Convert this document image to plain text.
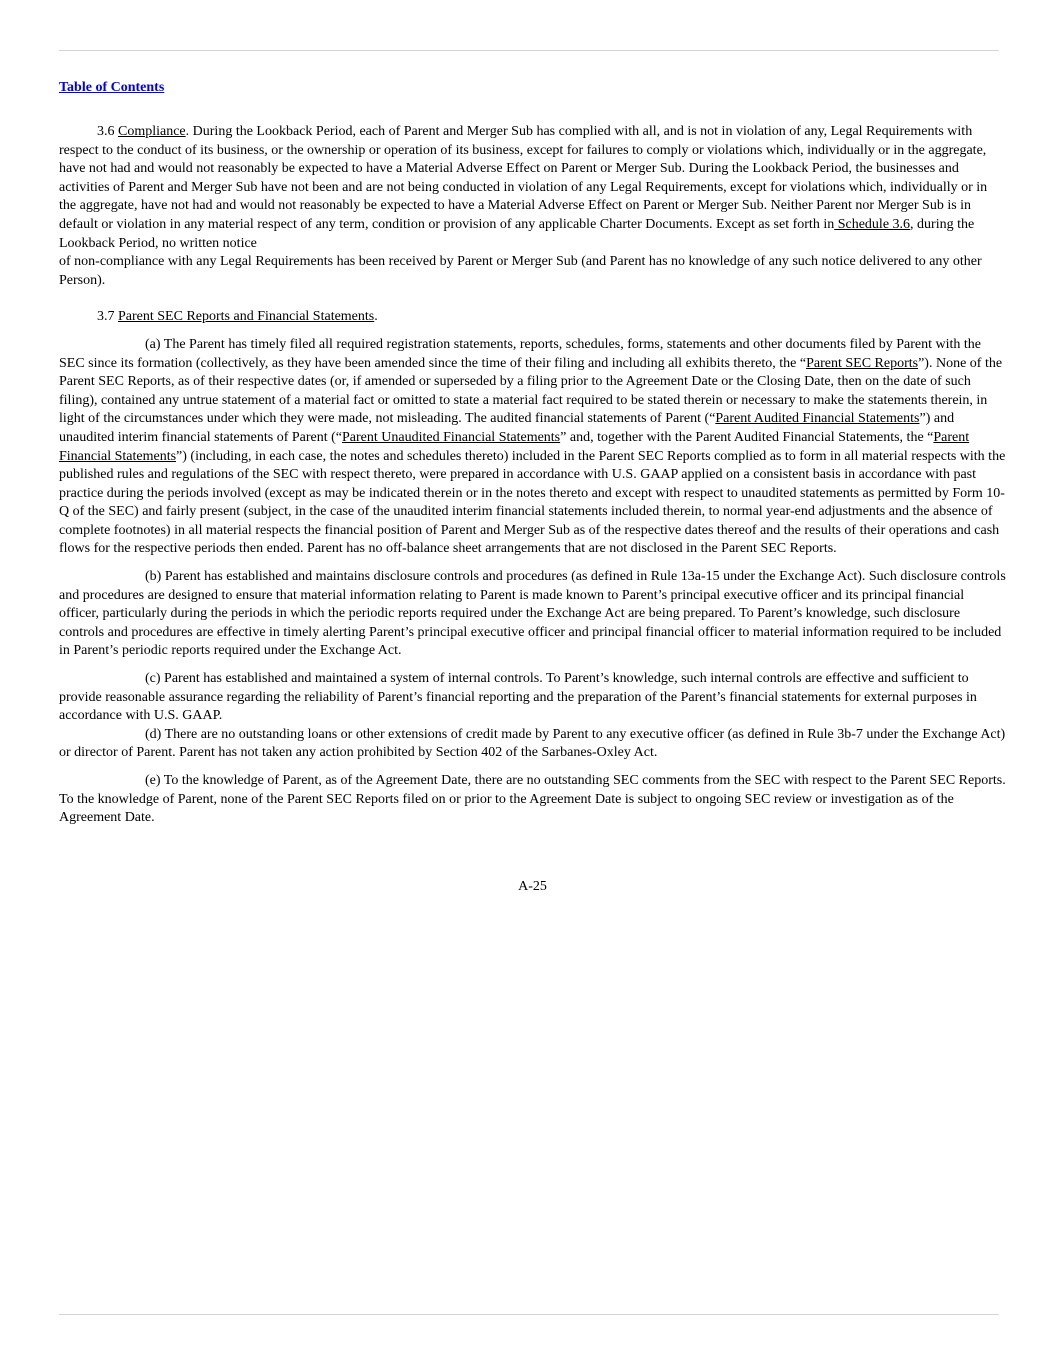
Table of Contents

3.6 Compliance. During the Lookback Period, each of Parent and Merger Sub has complied with all, and is not in violation of any, Legal Requirements with respect to the conduct of its business, or the ownership or operation of its business, except for failures to comply or violations which, individually or in the aggregate, have not had and would not reasonably be expected to have a Material Adverse Effect on Parent or Merger Sub. During the Lookback Period, the businesses and activities of Parent and Merger Sub have not been and are not being conducted in violation of any Legal Requirements, except for violations which, individually or in the aggregate, have not had and would not reasonably be expected to have a Material Adverse Effect on Parent or Merger Sub. Neither Parent nor Merger Sub is in default or violation in any material respect of any term, condition or provision of any applicable Charter Documents. Except as set forth in Schedule 3.6, during the Lookback Period, no written notice
of non-compliance with any Legal Requirements has been received by Parent or Merger Sub (and Parent has no knowledge of any such notice delivered to any other Person).

3.7 Parent SEC Reports and Financial Statements.

(a) The Parent has timely filed all required registration statements, reports, schedules, forms, statements and other documents filed by Parent with the SEC since its formation (collectively, as they have been amended since the time of their filing and including all exhibits thereto, the “Parent SEC Reports”). None of the Parent SEC Reports, as of their respective dates (or, if amended or superseded by a filing prior to the Agreement Date or the Closing Date, then on the date of such filing), contained any untrue statement of a material fact or omitted to state a material fact required to be stated therein or necessary to make the statements therein, in light of the circumstances under which they were made, not misleading. The audited financial statements of Parent (“Parent Audited Financial Statements”) and unaudited interim financial statements of Parent (“Parent Unaudited Financial Statements” and, together with the Parent Audited Financial Statements, the “Parent Financial Statements”) (including, in each case, the notes and schedules thereto) included in the Parent SEC Reports complied as to form in all material respects with the published rules and regulations of the SEC with respect thereto, were prepared in accordance with U.S. GAAP applied on a consistent basis in accordance with past practice during the periods involved (except as may be indicated therein or in the notes thereto and except with respect to unaudited statements as permitted by Form 10-Q of the SEC) and fairly present (subject, in the case of the unaudited interim financial statements included therein, to normal year-end adjustments and the absence of complete footnotes) in all material respects the financial position of Parent and Merger Sub as of the respective dates thereof and the results of their operations and cash flows for the respective periods then ended. Parent has no off-balance sheet arrangements that are not disclosed in the Parent SEC Reports.

(b) Parent has established and maintains disclosure controls and procedures (as defined in Rule 13a-15 under the Exchange Act). Such disclosure controls and procedures are designed to ensure that material information relating to Parent is made known to Parent’s principal executive officer and its principal financial officer, particularly during the periods in which the periodic reports required under the Exchange Act are being prepared. To Parent’s knowledge, such disclosure controls and procedures are effective in timely alerting Parent’s principal executive officer and principal financial officer to material information required to be included in Parent’s periodic reports required under the Exchange Act.

(c) Parent has established and maintained a system of internal controls. To Parent’s knowledge, such internal controls are effective and sufficient to provide reasonable assurance regarding the reliability of Parent’s financial reporting and the preparation of the Parent’s financial statements for external purposes in accordance with U.S. GAAP.

(d) There are no outstanding loans or other extensions of credit made by Parent to any executive officer (as defined in Rule 3b-7 under the Exchange Act) or director of Parent. Parent has not taken any action prohibited by Section 402 of the Sarbanes-Oxley Act.

(e) To the knowledge of Parent, as of the Agreement Date, there are no outstanding SEC comments from the SEC with respect to the Parent SEC Reports. To the knowledge of Parent, none of the Parent SEC Reports filed on or prior to the Agreement Date is subject to ongoing SEC review or investigation as of the Agreement Date.

A-25
